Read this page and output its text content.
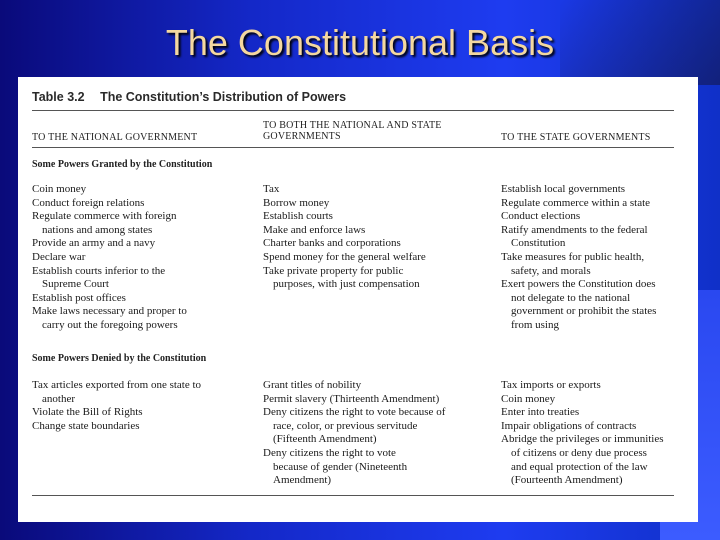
The Constitutional Basis
Table 3.2 The Constitution’s Distribution of Powers
TO THE NATIONAL GOVERNMENT
TO BOTH THE NATIONAL AND STATE GOVERNMENTS	TO THE STATE GOVERNMENTS
Some Powers Granted by the Constitution
Coin money
Conduct foreign relations
Regulate commerce with foreign
nations and among states
Provide an army and a navy
Declare war
Establish courts inferior to the
Supreme Court
Establish post offices
Make laws necessary and proper to
carry out the foregoing powers
Tax
Borrow money
Establish courts
Make and enforce laws
Charter banks and corporations
Spend money for the general welfare
Take private property for public
purposes, with just compensation
Establish local governments
Regulate commerce within a state
Conduct elections
Ratify amendments to the federal
Constitution
Take measures for public health,
safety, and morals
Exert powers the Constitution does
not delegate to the national
government or prohibit the states
from using
Some Powers Denied by the Constitution
Tax articles exported from one state to
another
Violate the Bill of Rights
Change state boundaries
Grant titles of nobility
Permit slavery (Thirteenth Amendment)
Deny citizens the right to vote because of
race, color, or previous servitude
(Fifteenth Amendment)
Deny citizens the right to vote
because of gender (Nineteenth
Amendment)
Tax imports or exports
Coin money
Enter into treaties
Impair obligations of contracts
Abridge the privileges or immunities
of citizens or deny due process
and equal protection of the law
(Fourteenth Amendment)
